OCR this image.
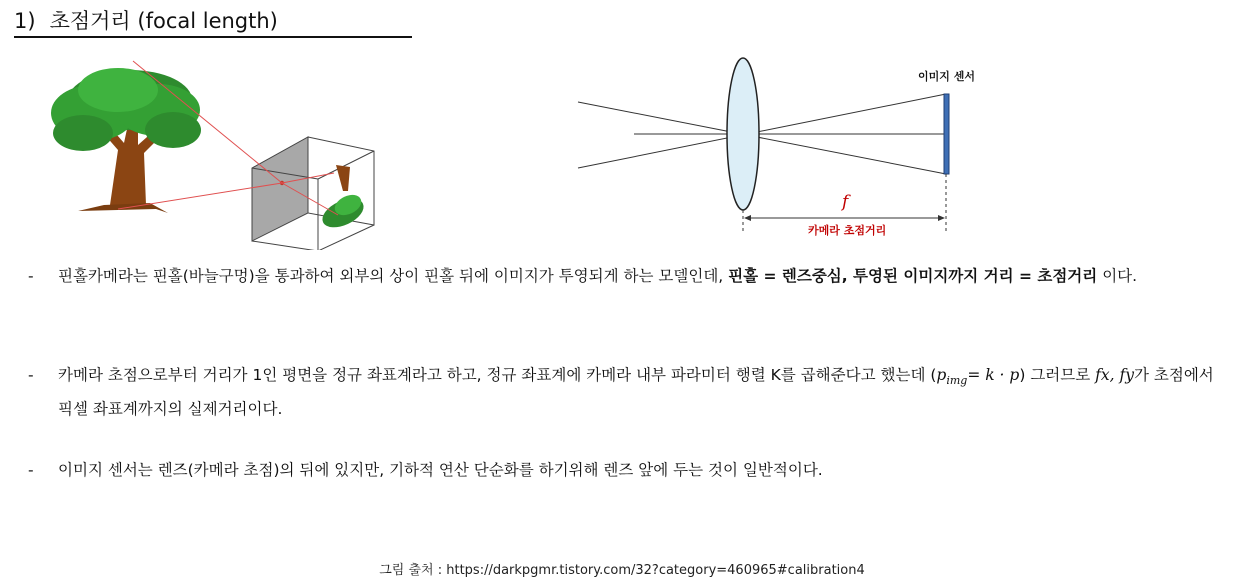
1) 초점거리 (focal length)
이미지 센서
f
카메라 초점거리
- 핀홀카메라는 핀홀(바늘구멍)을 통과하여 외부의 상이 핀홀 뒤에 이미지가 투영되게 하는 모델인데, 핀홀 = 렌즈중심, 투영된 이미지까지 거리 = 초점거리 이다.
- 카메라 초점으로부터 거리가 1인 평면을 정규 좌표계라고 하고, 정규 좌표계에 카메라 내부 파라미터 행렬 K를 곱해준다고 했는데 $(p_{img}= k \cdot p)$ 그러므로 fx, fy가 초점에서 픽셀 좌표계까지의 실제거리이다.
- 이미지 센서는 렌즈(카메라 초점)의 뒤에 있지만, 기하적 연산 단순화를 하기위해 렌즈 앞에 두는 것이 일반적이다.
그림 출처 : https://darkpgmr.tistory.com/32?category=460965#calibration4
